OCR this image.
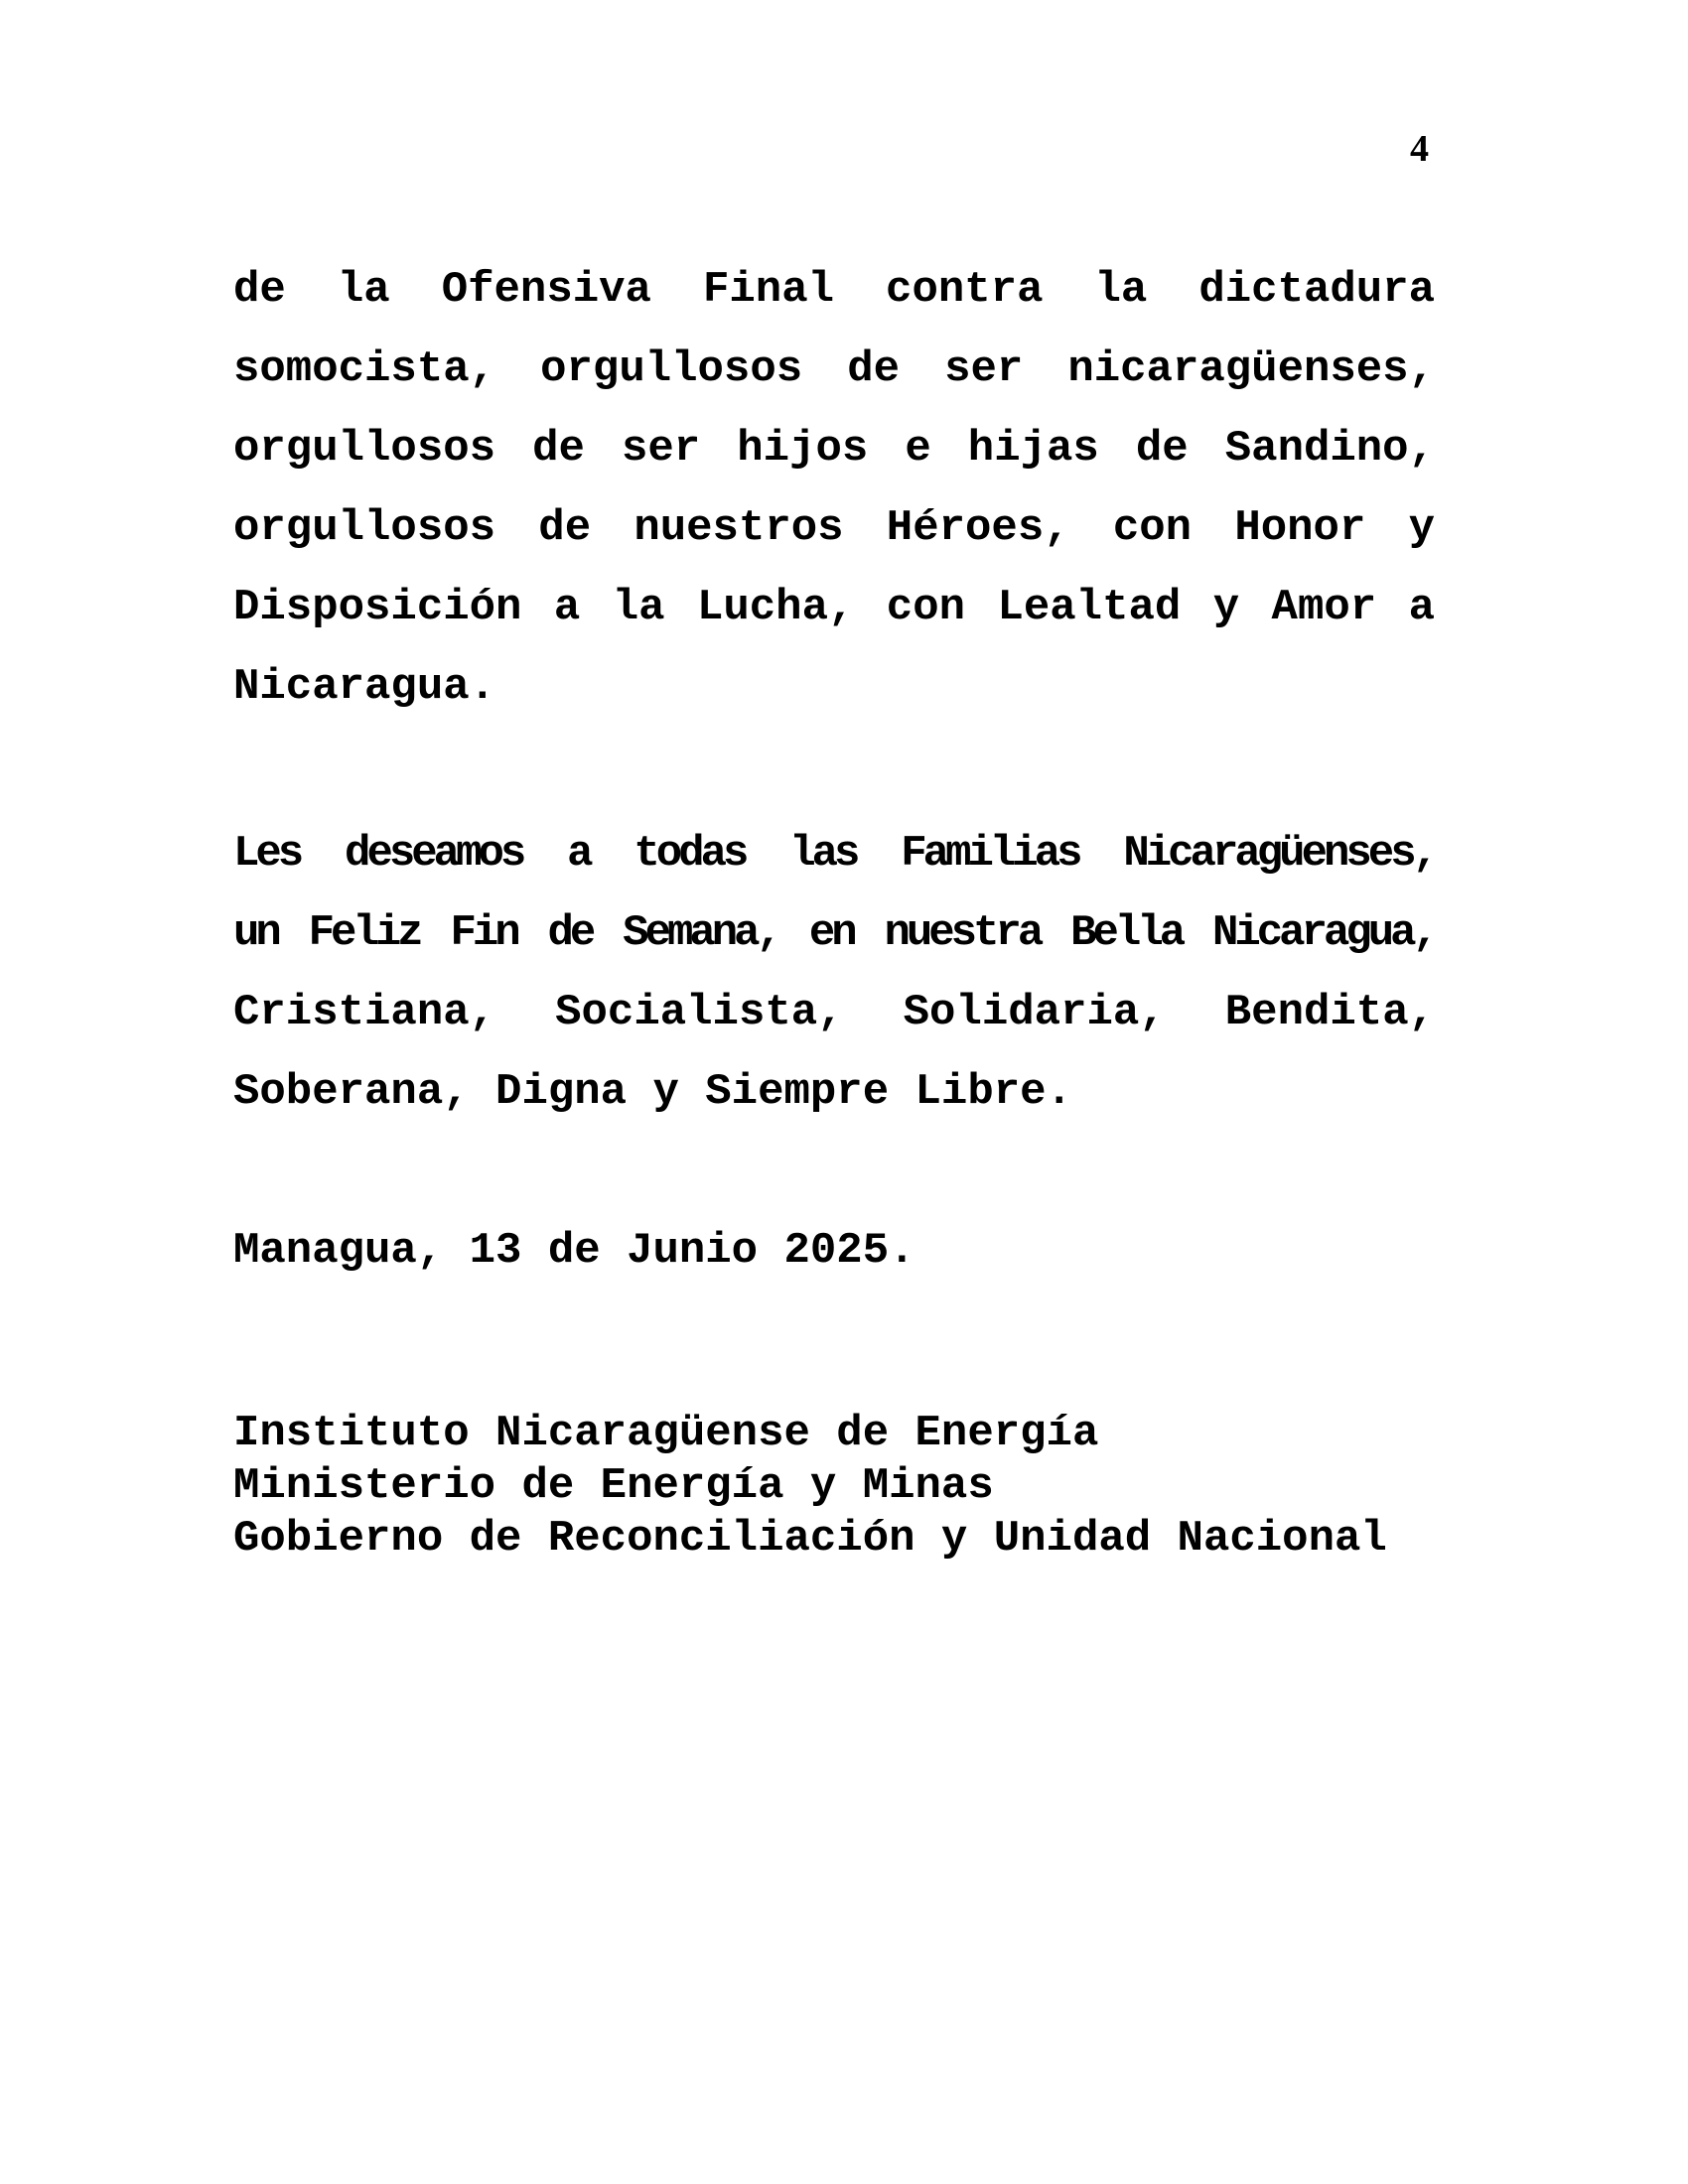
4
de la Ofensiva Final contra la dictadura
somocista, orgullosos de ser nicaragüenses,
orgullosos de ser hijos e hijas de Sandino,
orgullosos de nuestros Héroes, con Honor y
Disposición a la Lucha, con Lealtad y Amor a
Nicaragua.
Les deseamos a todas las Familias Nicaragüenses,
un Feliz Fin de Semana, en nuestra Bella Nicaragua,
Cristiana, Socialista, Solidaria, Bendita,
Soberana, Digna y Siempre Libre.
Managua, 13 de Junio 2025.
Instituto Nicaragüense de Energía
Ministerio de Energía y Minas
Gobierno de Reconciliación y Unidad Nacional
